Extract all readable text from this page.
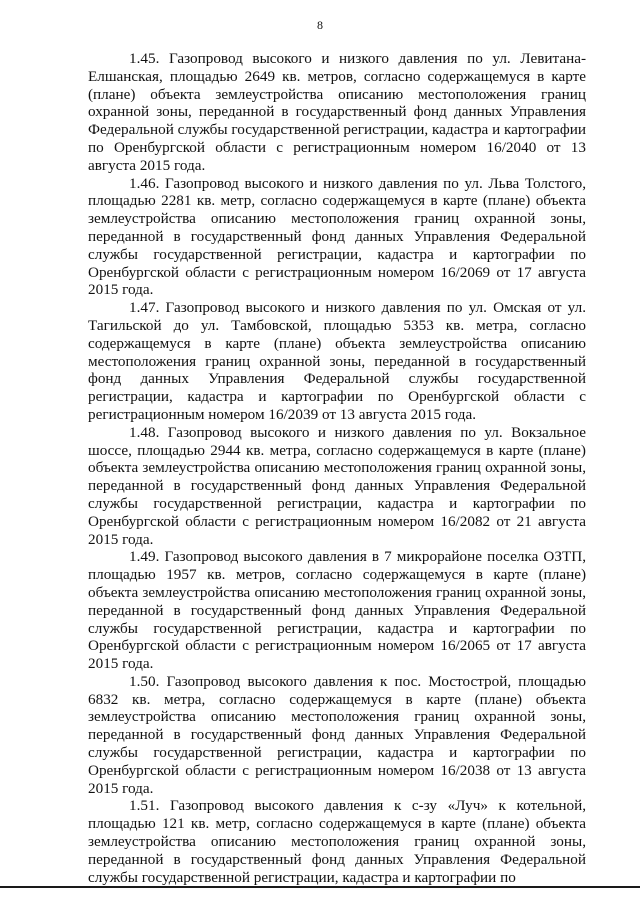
8

1.45. Газопровод высокого и низкого давления по ул. Левитана-Елшанская, площадью 2649 кв. метров, согласно содержащемуся в карте (плане) объекта землеустройства описанию местоположения границ охранной зоны, переданной в государственный фонд данных Управления Федеральной службы государственной регистрации, кадастра и картографии по Оренбургской области с регистрационным номером 16/2040 от 13 августа 2015 года.

1.46. Газопровод высокого и низкого давления по ул. Льва Толстого, площадью 2281 кв. метр, согласно содержащемуся в карте (плане) объекта землеустройства описанию местоположения границ охранной зоны, переданной в государственный фонд данных Управления Федеральной службы государственной регистрации, кадастра и картографии по Оренбургской области с регистрационным номером 16/2069 от 17 августа 2015 года.

1.47. Газопровод высокого и низкого давления по ул. Омская от ул. Тагильской до ул. Тамбовской, площадью 5353 кв. метра, согласно содержащемуся в карте (плане) объекта землеустройства описанию местоположения границ охранной зоны, переданной в государственный фонд данных Управления Федеральной службы государственной регистрации, кадастра и картографии по Оренбургской области с регистрационным номером 16/2039 от 13 августа 2015 года.

1.48. Газопровод высокого и низкого давления по ул. Вокзальное шоссе, площадью 2944 кв. метра, согласно содержащемуся в карте (плане) объекта землеустройства описанию местоположения границ охранной зоны, переданной в государственный фонд данных Управления Федеральной службы государственной регистрации, кадастра и картографии по Оренбургской области с регистрационным номером 16/2082 от 21 августа 2015 года.

1.49. Газопровод высокого давления в 7 микрорайоне поселка ОЗТП, площадью 1957 кв. метров, согласно содержащемуся в карте (плане) объекта землеустройства описанию местоположения границ охранной зоны, переданной в государственный фонд данных Управления Федеральной службы государственной регистрации, кадастра и картографии по Оренбургской области с регистрационным номером 16/2065 от 17 августа 2015 года.

1.50. Газопровод высокого давления к пос. Мостострой, площадью 6832 кв. метра, согласно содержащемуся в карте (плане) объекта землеустройства описанию местоположения границ охранной зоны, переданной в государственный фонд данных Управления Федеральной службы государственной регистрации, кадастра и картографии по Оренбургской области с регистрационным номером 16/2038 от 13 августа 2015 года.

1.51. Газопровод высокого давления к с-зу «Луч» к котельной, площадью 121 кв. метр, согласно содержащемуся в карте (плане) объекта землеустройства описанию местоположения границ охранной зоны, переданной в государственный фонд данных Управления Федеральной службы государственной регистрации, кадастра и картографии по
